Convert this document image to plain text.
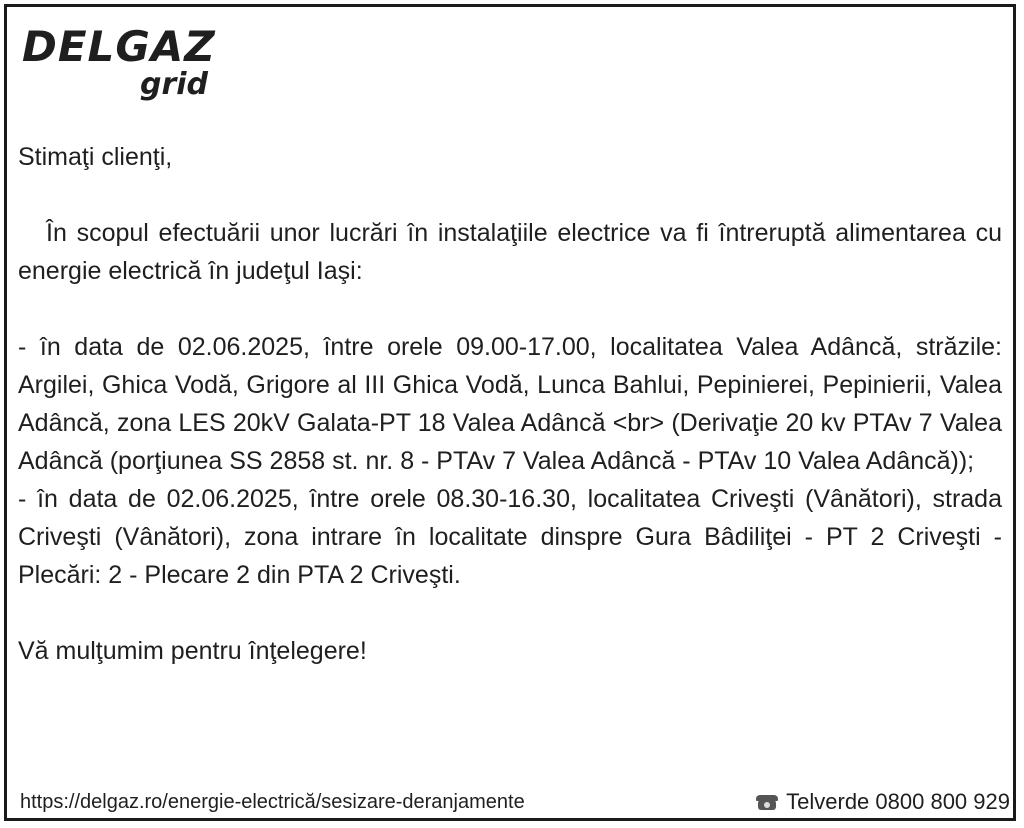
DELGAZ
grid

Stimaţi clienţi,

În scopul efectuării unor lucrări în instalaţiile electrice va fi întreruptă alimentarea cu energie electrică în judeţul Iaşi:

- în data de 02.06.2025, între orele 09.00-17.00, localitatea Valea Adâncă, străzile: Argilei, Ghica Vodă, Grigore al III Ghica Vodă, Lunca Bahlui, Pepinierei, Pepinierii, Valea Adâncă, zona LES 20kV Galata-PT 18 Valea Adâncă <br> (Derivaţie 20 kv PTAv 7 Valea Adâncă (porţiunea SS 2858 st. nr. 8 - PTAv 7 Valea Adâncă - PTAv 10 Valea Adâncă));

- în data de 02.06.2025, între orele 08.30-16.30, localitatea Criveşti (Vânători), strada Criveşti (Vânători), zona intrare în localitate dinspre Gura Bâdiliţei - PT 2 Criveşti - Plecări: 2 - Plecare 2 din PTA 2 Criveşti.

Vă mulţumim pentru înţelegere!

https://delgaz.ro/energie-electrică/sesizare-deranjamente	Telverde 0800 800 929
